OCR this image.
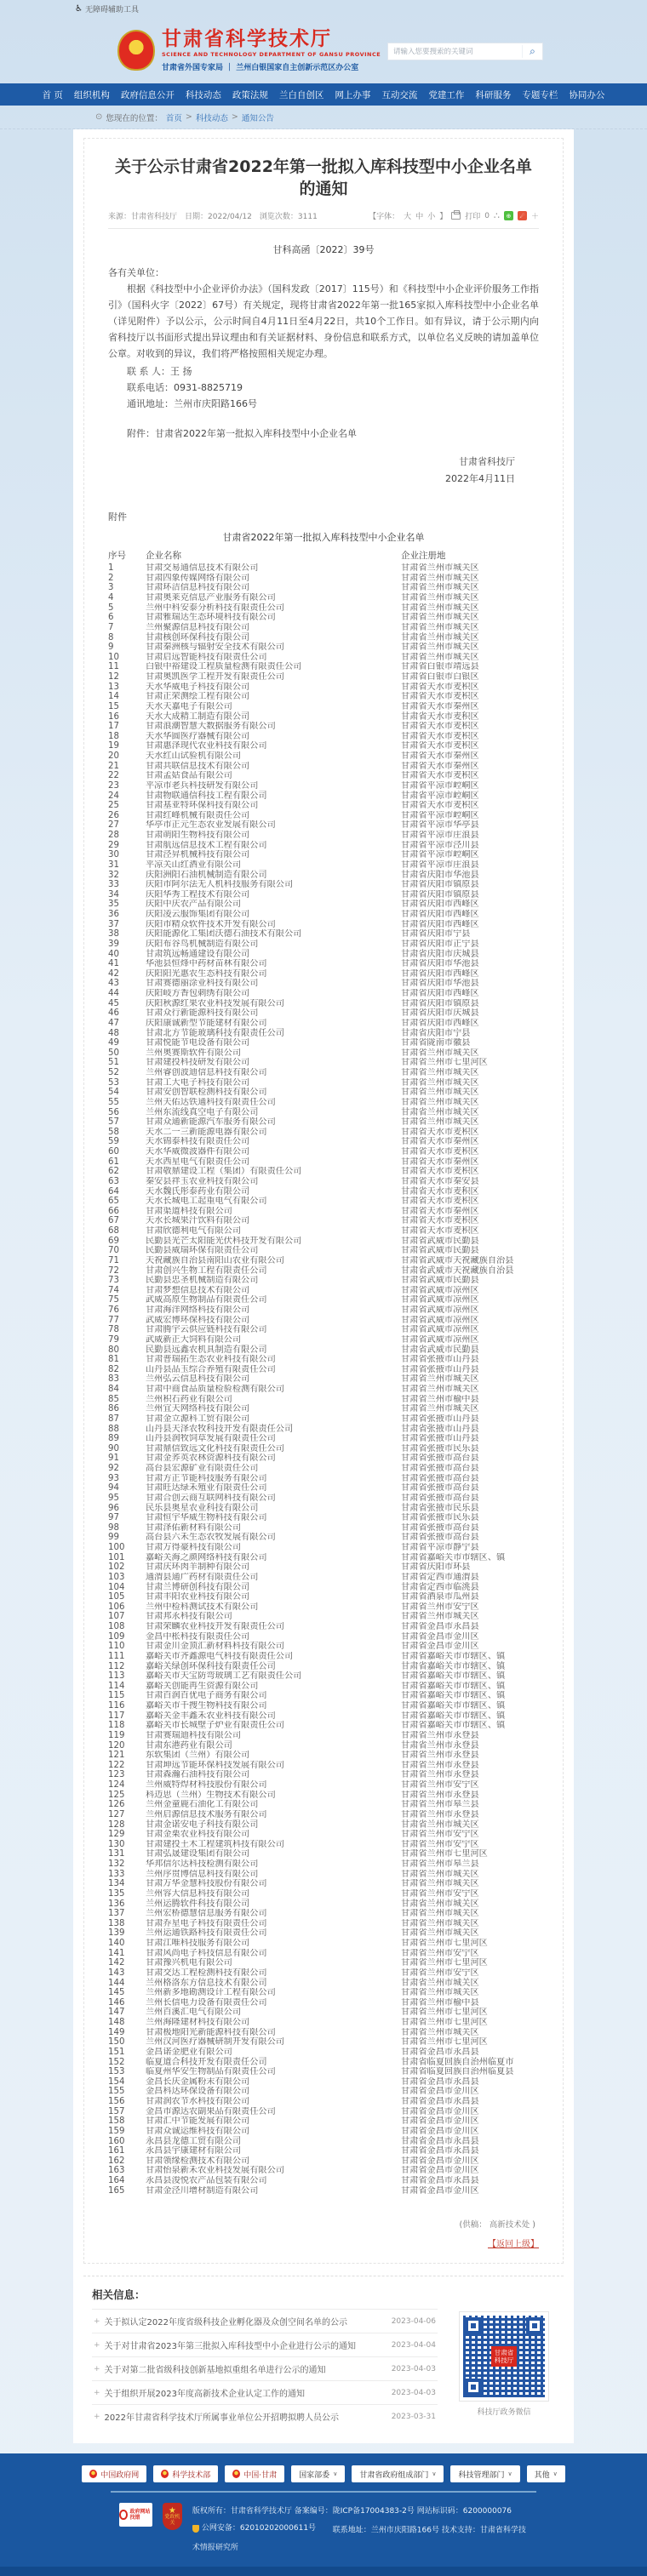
♿ 无障碍辅助工具
★
甘肃省科学技术厅
SCIENCE AND TECHNOLOGY DEPARTMENT OF GANSU PROVINCE
甘肃省外国专家局 ｜ 兰州白银国家自主创新示范区办公室
请输入您要搜索的关键词
⌕
首 页 组织机构 政府信息公开 科技动态 政策法规 兰白自创区 网上办事 互动交流 党建工作 科研服务 专题专栏 协同办公
⊙ 您现在的位置： 首页 > 科技动态 > 通知公告
关于公示甘肃省2022年第一批拟入库科技型中小企业名单的通知
来源：甘肃省科技厅 日期：2022/04/12 浏览次数：3111	【字体： 大 中 小 】 打印 0 ∴	⊕	☄ ＋
甘科高函〔2022〕39号

各有关单位：

根据《科技型中小企业评价办法》（国科发政〔2017〕115号）和《科技型中小企业评价服务工作指引》（国科火字〔2022〕67号）有关规定，现将甘肃省2022年第一批165家拟入库科技型中小企业名单（详见附件）予以公示，公示时间自4月11日至4月22日，共10个工作日。如有异议，请于公示期内向省科技厅以书面形式提出异议理由和有关证据材料、身份信息和联系方式，以单位名义反映的请加盖单位公章。对收到的异议，我们将严格按照相关规定办理。

联 系 人：王 扬
联系电话：0931-8825719
通讯地址：兰州市庆阳路166号
附件：甘肃省2022年第一批拟入库科技型中小企业名单
甘肃省科技厅
2022年4月11日
附件
甘肃省2022年第一批拟入库科技型中小企业名单
序号	企业名称	企业注册地
1	甘肃交易通信息技术有限公司	甘肃省兰州市城关区
2	甘肃四象传媒网络有限公司	甘肃省兰州市城关区
3	甘肃环洁信息科技有限公司	甘肃省兰州市城关区
4	甘肃奥莱克信息产业服务有限公司	甘肃省兰州市城关区
5	兰州中科安泰分析科技有限责任公司	甘肃省兰州市城关区
6	甘肃雅瑞达生态环境科技有限公司	甘肃省兰州市城关区
7	兰州聚源信息科技有限公司	甘肃省兰州市城关区
8	甘肃核创环保科技有限公司	甘肃省兰州市城关区
9	甘肃秦洲核与辐射安全技术有限公司	甘肃省兰州市城关区
10	甘肃启远智能科技有限责任公司	甘肃省兰州市城关区
11	白银中裕建设工程质量检测有限责任公司	甘肃省白银市靖远县
12	甘肃奥凯医学工程开发有限责任公司	甘肃省白银市白银区
13	天水华威电子科技有限公司	甘肃省天水市麦积区
14	甘肃正荣测绘工程有限公司	甘肃省天水市麦积区
15	天水天嘉电子有限公司	甘肃省天水市秦州区
16	天水大成精工制造有限公司	甘肃省天水市麦积区
17	甘肃浪潮智慧大数据服务有限公司	甘肃省天水市麦积区
18	天水华圆医疗器械有限公司	甘肃省天水市麦积区
19	甘肃惠泽现代农业科技有限公司	甘肃省天水市麦积区
20	天水红山试验机有限公司	甘肃省天水市秦州区
21	甘肃共联信息技术有限公司	甘肃省天水市秦州区
22	甘肃孟姑食品有限公司	甘肃省天水市麦积区
23	平凉市老兵科技研发有限公司	甘肃省平凉市崆峒区
24	甘肃物联通信科技工程有限公司	甘肃省平凉市崆峒区
25	甘肃基亚特环保科技有限公司	甘肃省天水市麦积区
26	甘肃红峰机械有限责任公司	甘肃省平凉市崆峒区
27	华亭市正元生态农业发展有限公司	甘肃省平凉市华亭县
28	甘肃萌阳生物科技有限公司	甘肃省平凉市庄浪县
29	甘肃航远信息技术工程有限公司	甘肃省平凉市泾川县
30	甘肃泾昇机械科技有限公司	甘肃省平凉市崆峒区
31	平凉关山红酒业有限公司	甘肃省平凉市庄浪县
32	庆阳洲阳石油机械制造有限公司	甘肃省庆阳市华池县
33	庆阳市阿尔法无人机科技服务有限公司	甘肃省庆阳市镇原县
34	庆阳华秀工程技术有限公司	甘肃省庆阳市镇原县
35	庆阳中庆农产品有限公司	甘肃省庆阳市西峰区
36	庆阳凌云服饰集团有限公司	甘肃省庆阳市西峰区
37	庆阳市精众软件技术开发有限公司	甘肃省庆阳市西峰区
38	庆阳能源化工集团沃德石油技术有限公司	甘肃省庆阳市宁县
39	庆阳布谷鸟机械制造有限公司	甘肃省庆阳市正宁县
40	甘肃筑远畅通建设有限公司	甘肃省庆阳市庆城县
41	华池县恒烽中药材苗林有限公司	甘肃省庆阳市华池县
42	庆阳阳光惠农生态科技有限公司	甘肃省庆阳市西峰区
43	甘肃赛德丽涂业科技有限公司	甘肃省庆阳市华池县
44	庆阳岐方香包刺绣有限公司	甘肃省庆阳市西峰区
45	庆阳秋源红果农业科技发展有限公司	甘肃省庆阳市镇原县
46	甘肃众行新能源科技有限公司	甘肃省庆阳市庆城县
47	庆阳康诚新型节能建材有限公司	甘肃省庆阳市西峰区
48	甘肃北方节能玻璃科技有限责任公司	甘肃省庆阳市宁县
49	甘肃悦能节电设备有限公司	甘肃省陇南市徽县
50	兰州奥赛斯软件有限公司	甘肃省兰州市城关区
51	甘肃建投科技研发有限公司	甘肃省兰州市七里河区
52	兰州睿创波迪信息科技有限公司	甘肃省兰州市城关区
53	甘肃工大电子科技有限公司	甘肃省兰州市城关区
54	甘肃安创智联检测科技有限公司	甘肃省兰州市城关区
55	兰州天佑达铁通科技有限责任公司	甘肃省兰州市城关区
56	兰州东流线真空电子有限公司	甘肃省兰州市城关区
57	甘肃众通新能源汽车服务有限公司	甘肃省兰州市城关区
58	天水二一三新能源电器有限公司	甘肃省天水市麦积区
59	天水锦泰科技有限责任公司	甘肃省天水市秦州区
60	天水华威微波器件有限公司	甘肃省天水市麦积区
61	天水西星电气有限责任公司	甘肃省天水市秦州区
62	甘肃敬鼎建设工程（集团）有限责任公司	甘肃省天水市麦积区
63	秦安县祥玉农业科技有限公司	甘肃省天水市秦安县
64	天水魏氏彤泰药业有限公司	甘肃省天水市麦积区
65	天水长城电工起重电气有限公司	甘肃省天水市麦积区
66	甘肃渠道科技有限公司	甘肃省天水市秦州区
67	天水长城果汁饮料有限公司	甘肃省天水市麦积区
68	甘肃欣德利电气有限公司	甘肃省天水市麦积区
69	民勤县光芒太阳能光伏科技开发有限公司	甘肃省武威市民勤县
70	民勤县威瑞环保有限责任公司	甘肃省武威市民勤县
71	天祝藏族自治县南阳山农业有限公司	甘肃省武威市天祝藏族自治县
72	甘肃创兴生物工程有限责任公司	甘肃省武威市天祝藏族自治县
73	民勤县忠圣机械制造有限公司	甘肃省武威市民勤县
74	甘肃梦想信息技术有限公司	甘肃省武威市凉州区
75	武威高原生物制品有限责任公司	甘肃省武威市凉州区
76	甘肃海洋网络科技有限公司	甘肃省武威市凉州区
77	武威宏博环保科技有限公司	甘肃省武威市凉州区
78	甘肃腾宇云供应链科技有限公司	甘肃省武威市凉州区
79	武威新正大饲料有限公司	甘肃省武威市凉州区
80	民勤县远鑫农机具制造有限公司	甘肃省武威市民勤县
81	甘肃普瑞拓生态农业科技有限公司	甘肃省张掖市山丹县
82	山丹县品玉综合养殖有限责任公司	甘肃省张掖市山丹县
83	兰州弘云信息科技有限公司	甘肃省兰州市城关区
84	甘肃中商食品质量检验检测有限公司	甘肃省兰州市城关区
85	兰州积石药业有限公司	甘肃省兰州市榆中县
86	兰州宜天网络科技有限公司	甘肃省兰州市城关区
87	甘肃金立源科工贸有限公司	甘肃省张掖市山丹县
88	山丹县天泽农牧科技开发有限责任公司	甘肃省张掖市山丹县
89	山丹县润牧饲草发展有限责任公司	甘肃省张掖市山丹县
90	甘肃鼎信致远文化科技有限责任公司	甘肃省张掖市民乐县
91	甘肃金荞英农林资源科技有限公司	甘肃省张掖市高台县
92	高台县宏源矿业有限责任公司	甘肃省张掖市高台县
93	甘肃方正节能科技服务有限公司	甘肃省张掖市高台县
94	甘肃旺达绿禾殖业有限责任公司	甘肃省张掖市高台县
95	甘肃合创云商互联网科技有限公司	甘肃省张掖市高台县
96	民乐县奥星农业科技有限公司	甘肃省张掖市民乐县
97	甘肃恒宇华威生物科技有限公司	甘肃省张掖市民乐县
98	甘肃泽佑新材料有限公司	甘肃省张掖市高台县
99	高台县六禾生态农牧发展有限公司	甘肃省张掖市高台县
100	甘肃万得豪科技有限公司	甘肃省平凉市静宁县
101	嘉峪关海之颜网络科技有限公司	甘肃省嘉峪关市市辖区、镇
102	甘肃庆环肉羊制种有限公司	甘肃省庆阳市环县
103	通渭县通广药材有限责任公司	甘肃省定西市通渭县
104	甘肃兰博研创科技有限公司	甘肃省定西市临洮县
105	甘肃丰阳农业科技有限公司	甘肃省酒泉市瓜州县
106	兰州中检科测试技术有限公司	甘肃省兰州市安宁区
107	甘肃邦永科技有限公司	甘肃省兰州市城关区
108	甘肃荣麟农业科技开发有限责任公司	甘肃省金昌市永昌县
109	金昌中枨科技有限责任公司	甘肃省金昌市金川区
110	甘肃金川金顶汇新材料科技有限公司	甘肃省金昌市金川区
111	嘉峪关市齐鑫源电气科技有限责任公司	甘肃省嘉峪关市市辖区、镇
112	嘉峪关绿创环保科技有限责任公司	甘肃省嘉峪关市市辖区、镇
113	嘉峪关市天宝防弯玻璃工艺有限责任公司	甘肃省嘉峪关市市辖区、镇
114	嘉峪关创能再生资源有限公司	甘肃省嘉峪关市市辖区、镇
115	甘肃百润百优电子商务有限公司	甘肃省嘉峪关市市辖区、镇
116	嘉峪关市千搜生物科技有限公司	甘肃省嘉峪关市市辖区、镇
117	嘉峪关金丰鑫禾农业科技有限公司	甘肃省嘉峪关市市辖区、镇
118	嘉峪关市长城壁子炉业有限责任公司	甘肃省嘉峪关市市辖区、镇
119	甘肃赛瑞迪科技有限公司	甘肃省兰州市永登县
120	甘肃东港药业有限公司	甘肃省兰州市永登县
121	东软集团（兰州）有限公司	甘肃省兰州市永登县
122	甘肃坤远节能环保科技发展有限公司	甘肃省兰州市永登县
123	甘肃森瀚石油科技有限公司	甘肃省兰州市永登县
124	兰州威特焊材科技股份有限公司	甘肃省兰州市安宁区
125	科迈思（兰州）生物技术有限公司	甘肃省兰州市永登县
126	兰州金童鹿石油化工有限公司	甘肃省兰州市皋兰县
127	兰州启源信息技术服务有限公司	甘肃省兰州市永登县
128	甘肃金诺安电子科技有限公司	甘肃省兰州市城关区
129	甘肃金栗农业科技有限公司	甘肃省兰州市安宁区
130	甘肃建投土木工程建筑科技有限公司	甘肃省兰州市安宁区
131	甘肃弘晟建设集团有限公司	甘肃省兰州市七里河区
132	华邦信尔达科技检测有限公司	甘肃省兰州市皋兰县
133	兰州序贯博信息科技有限公司	甘肃省兰州市城关区
134	甘肃万华金慧科技股份有限公司	甘肃省兰州市城关区
135	兰州容大信息科技有限公司	甘肃省兰州市安宁区
136	兰州运腾软件科技有限公司	甘肃省兰州市城关区
137	兰州宏桥德慧信息服务有限公司	甘肃省兰州市城关区
138	甘肃乔星电子科技有限责任公司	甘肃省兰州市城关区
139	兰州运通铁路科技有限责任公司	甘肃省兰州市城关区
140	甘肃江唯科技服务有限公司	甘肃省兰州市七里河区
141	甘肃风尚电子科技信息有限公司	甘肃省兰州市安宁区
142	甘肃豫兴机电有限公司	甘肃省兰州市七里河区
143	甘肃交达工程检测科技有限公司	甘肃省兰州市安宁区
144	兰州格洛东方信息技术有限公司	甘肃省兰州市城关区
145	兰州新多地勘测设计工程有限公司	甘肃省兰州市城关区
146	兰州长信电力设备有限责任公司	甘肃省兰州市榆中县
147	兰州百溪汇电气有限公司	甘肃省兰州市七里河区
148	兰州海隆建材科技有限公司	甘肃省兰州市七里河区
149	甘肃极地阳光新能源科技有限公司	甘肃省兰州市城关区
150	兰州汉河医疗器械研制开发有限公司	甘肃省兰州市七里河区
151	金昌诺金肥业有限公司	甘肃省金昌市永昌县
152	临夏道合科技开发有限责任公司	甘肃省临夏回族自治州临夏市
153	临夏州华安生物制品有限责任公司	甘肃省临夏回族自治州临夏县
154	金昌长庆金属粉末有限公司	甘肃省金昌市永昌县
155	金昌科达环保设备有限公司	甘肃省金昌市金川区
156	甘肃润农节水科技有限公司	甘肃省金昌市永昌县
157	金昌市源达农副果品有限责任公司	甘肃省金昌市金川区
158	甘肃汇中节能发展有限公司	甘肃省金昌市金川区
159	甘肃众诚运维科技有限公司	甘肃省金昌市金川区
160	永昌县龙德工贸有限公司	甘肃省金昌市永昌县
161	永昌县宇康建材有限公司	甘肃省金昌市永昌县
162	甘肃领缘检测技术有限公司	甘肃省金昌市金川区
163	甘肃怡泉新禾农业科技发展有限公司	甘肃省金昌市金川区
164	永昌县浚悦农产品包装有限公司	甘肃省金昌市永昌县
165	甘肃金泾川增材制造有限公司	甘肃省金昌市金川区
(供稿： 高新技术处 )
【返回上级】
相关信息：
+ 关于拟认定2022年度省级科技企业孵化器及众创空间名单的公示	2023-04-06
+ 关于对甘肃省2023年第三批拟入库科技型中小企业进行公示的通知	2023-04-04
+ 关于对第二批省级科技创新基地拟重组名单进行公示的通知	2023-04-03
+ 关于组织开展2023年度高新技术企业认定工作的通知	2023-04-03
+ 2022年甘肃省科学技术厅所属事业单位公开招聘拟聘人员公示	2023-03-31
甘肃省 科技厅
科技厅政务微信
中国政府网	科学技术部	中国·甘肃	国家部委 ∨	甘肃省政府组成部门 ∨	科技管理部门 ∨	其他 ∨
政府网站 找错
★
党政机关
版权所有：甘肃省科学技术厅 备案编号：陇ICP备17004383-2号 网站标识码：6200000076
公网安备：62010202000611号 联系地址：兰州市庆阳路166号 技术支持：甘肃省科学技术情报研究所
